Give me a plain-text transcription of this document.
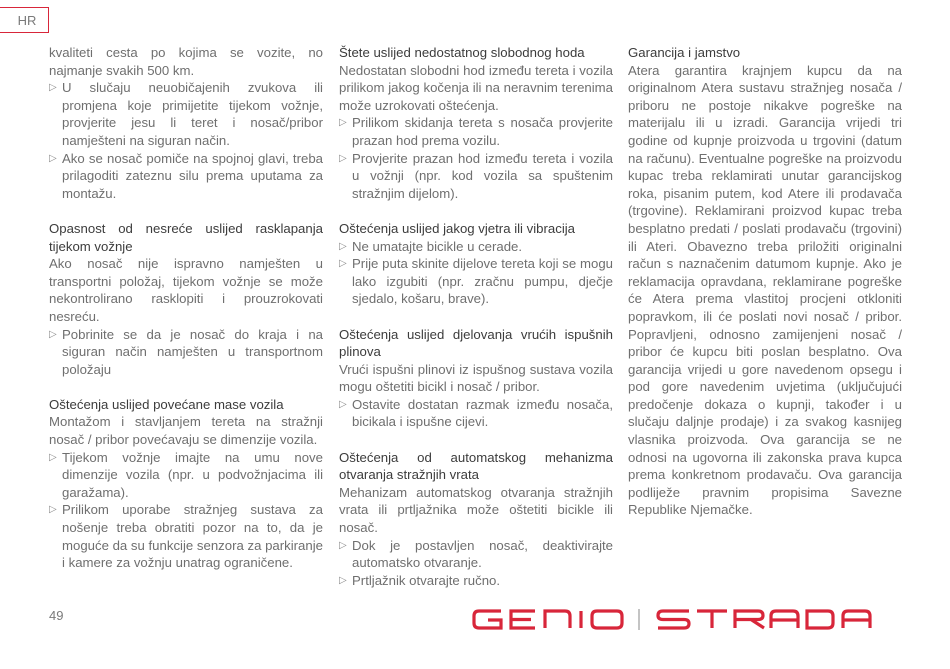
HR

kvaliteti cesta po kojima se vozite, no najmanje svakih 500 km.

▷ U slučaju neuobičajenih zvukova ili promjena koje primijetite tijekom vožnje, provjerite jesu li teret i nosač/pribor namješteni na siguran način.
▷ Ako se nosač pomiče na spojnoj glavi, treba prilagoditi zateznu silu prema uputama za montažu.

Opasnost od nesreće uslijed rasklapanja tijekom vožnje

Ako nosač nije ispravno namješten u transportni položaj, tijekom vožnje se može nekontrolirano rasklopiti i prouzrokovati nesreću.

▷ Pobrinite se da je nosač do kraja i na siguran način namješten u transportnom položaju

Oštećenja uslijed povećane mase vozila

Montažom i stavljanjem tereta na stražnji nosač / pribor povećavaju se dimenzije vozila.

▷ Tijekom vožnje imajte na umu nove dimenzije vozila (npr. u podvožnjacima ili garažama).
▷ Prilikom uporabe stražnjeg sustava za nošenje treba obratiti pozor na to, da je moguće da su funkcije senzora za parkiranje i kamere za vožnju unatrag ograničene.

Štete uslijed nedostatnog slobodnog hoda

Nedostatan slobodni hod između tereta i vozila prilikom jakog kočenja ili na neravnim terenima može uzrokovati oštećenja.

▷ Prilikom skidanja tereta s nosača provjerite prazan hod prema vozilu.
▷ Provjerite prazan hod između tereta i vozila u vožnji (npr. kod vozila sa spuštenim stražnjim dijelom).

Oštećenja uslijed jakog vjetra ili vibracija

▷ Ne umatajte bicikle u cerade.
▷ Prije puta skinite dijelove tereta koji se mogu lako izgubiti (npr. zračnu pumpu, dječje sjedalo, košaru, brave).

Oštećenja uslijed djelovanja vrućih ispušnih plinova

Vrući ispušni plinovi iz ispušnog sustava vozila mogu oštetiti bicikl i nosač / pribor.

▷ Ostavite dostatan razmak između nosača, bicikala i ispušne cijevi.

Oštećenja od automatskog mehanizma otvaranja stražnjih vrata

Mehanizam automatskog otvaranja stražnjih vrata ili prtljažnika može oštetiti bicikle ili nosač.

▷ Dok je postavljen nosač, deaktivirajte automatsko otvaranje.
▷ Prtljažnik otvarajte ručno.

Garancija i jamstvo

Atera garantira krajnjem kupcu da na originalnom Atera sustavu stražnjeg nosača / priboru ne postoje nikakve pogreške na materijalu ili u izradi. Garancija vrijedi tri godine od kupnje proizvoda u trgovini (datum na računu). Eventualne pogreške na proizvodu kupac treba reklamirati unutar garancijskog roka, pisanim putem, kod Atere ili prodavača (trgovine). Reklamirani proizvod kupac treba besplatno predati / poslati prodavaču (trgovini) ili Ateri. Obavezno treba priložiti originalni račun s naznačenim datumom kupnje. Ako je reklamacija opravdana, reklamirane pogreške će Atera prema vlastitoj procjeni otkloniti popravkom, ili će poslati novi nosač / pribor. Popravljeni, odnosno zamijenjeni nosač / pribor će kupcu biti poslan besplatno. Ova garancija vrijedi u gore navedenom opsegu i pod gore navedenim uvjetima (uključujući predočenje dokaza o kupnji, također i u slučaju daljnje prodaje) i za svakog kasnijeg vlasnika proizvoda. Ova garancija se ne odnosi na ugovorna ili zakonska prava kupca prema konkretnom prodavaču. Ova garancija podliježe pravnim propisima Savezne Republike Njemačke.

49
